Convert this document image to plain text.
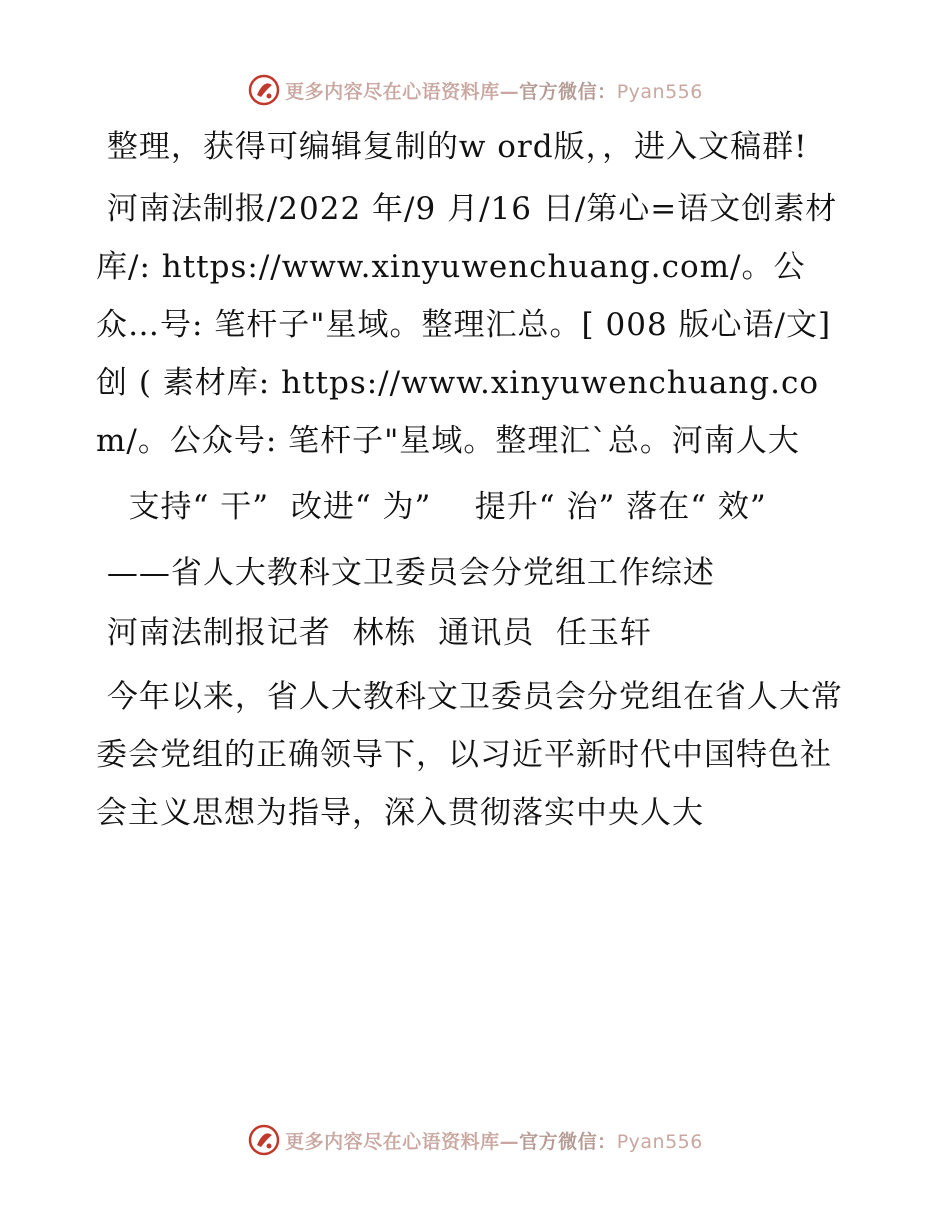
更多内容尽在心语资料库—官方微信：Pyan556

整理，获得可编辑复制的w ord版，，进入文稿群!

河南法制报/2022 年/9 月/16 日/第心=语文创素材库/: https://www.xinyuwenchuang.com/。公众…号: 笔杆子"星域。整理汇总。[ 008 版心语/文]创 ( 素材库: https://www.xinyuwenchuang.com/。公众号: 笔杆子"星域。整理汇`总。河南人大

支持“ 干”  改进“ 为”    提升“ 治” 落在“ 效”

——省人大教科文卫委员会分党组工作综述

河南法制报记者  林栋  通讯员  任玉轩

今年以来，省人大教科文卫委员会分党组在省人大常委会党组的正确领导下，以习近平新时代中国特色社会主义思想为指导，深入贯彻落实中央人大

更多内容尽在心语资料库—官方微信：Pyan556
